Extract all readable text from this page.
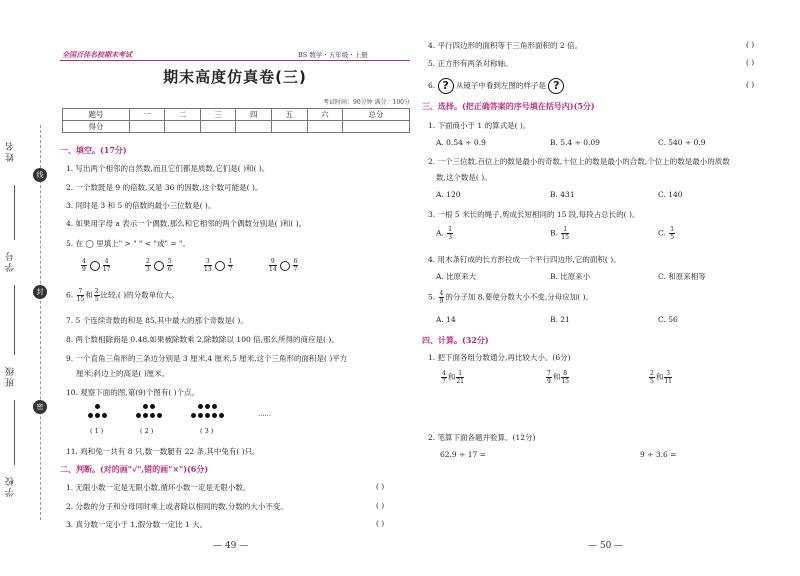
姓名
学号
班级
学校
线
封
密
全国百佳名校期末考试	BS 数学・五年级・上册
期末高度仿真卷(三)
考试时间：90分钟 满分：100分
题号	一	二	三	四	五	六	总分
得分							
一、填空。(17分)
1. 写出两个相邻的自然数,而且它们都是质数,它们是( )和( )。
2. 一个数既是 9 的倍数,又是 36 的因数,这个数可能是( )。
3. 同时是 3 和 5 的倍数的最小三位数是( )。
4. 如果用字母 a 表示一个偶数,那么和它相邻的两个偶数分别是( )和( )。
5. 在 ◯ 里填上" > " " < "或" = "。
$\frac{4}{9}$	$\frac{4}{17}$	$\frac{2}{3}$	$\frac{5}{6}$	$\frac{3}{13}$	$\frac{1}{7}$	$\frac{9}{14}$	$\frac{6}{7}$
6. $\frac{7}{15}$ 和 $\frac{2}{5}$ 比较,( )的分数单位大。
7. 5 个连续奇数的和是 85,其中最大的那个奇数是( )。
8. 两个数相除商是 0.48,如果被除数乘 2,除数除以 100 倍,那么所得的商应是( )。
9. 一个直角三角形的三条边分别是 3 厘米,4 厘米,5 厘米,这个三角形的面积是( )平方
厘米;斜边上的高是( )厘米。
10. 观察下面的图,第(9)个图有( )个点。
( 1 )	( 2 )	( 3 )
……
11. 鸡和兔一共有 8 只,数一数腿有 22 条,其中兔有( )只。
二、判断。(对的画"√",错的画"×")(6分)
1. 无限小数一定是无限小数,循环小数一定是无限小数。	( )
2. 分数的分子和分母同时乘上或者除以相同的数,分数的大小不变。	( )
3. 真分数一定小于 1,假分数一定比 1 大。	( )
— 49 —
4. 平行四边形的面积等于三角形面积的 2 倍。	( )
5. 正方形有两条对称轴。	( )
6. ? 从镜子中看到左图的样子是 ?	( )
三、选择。(把正确答案的序号填在括号内)(5分)
1. 下面商小于 1 的算式是( )。
A. 0.54 ÷ 0.9	B. 5.4 ÷ 0.09	C. 540 ÷ 0.9
2. 一个三位数,百位上的数是最小的奇数,十位上的数是最小的合数,个位上的数是最小的质数
数,这个数是( )。
A. 120	B. 431	C. 140
3. 一根 5 米长的绳子,剪成长短相同的 15 段,每段占总长的( )。
A. $\frac{1}{3}$	B. $\frac{1}{15}$	C. $\frac{1}{5}$
4. 用木条钉成的长方形拉成一个平行四边形,它的面积( )。
A. 比原来大	B. 比原来小	C. 和原来相等
5. $\frac{4}{9}$ 的分子加 8,要使分数大小不变,分母应加( )。
A. 14	B. 21	C. 56
四、计算。(32分)
1. 把下面各组分数通分,再比较大小。(6分)
$\frac{4}{7}$ 和 $\frac{1}{21}$	$\frac{7}{9}$ 和 $\frac{8}{15}$	$\frac{2}{5}$ 和 $\frac{3}{11}$
2. 笔算下面各题并验算。(12分)
62.9 ÷ 17 =	9 ÷ 3.6 =
— 50 —
